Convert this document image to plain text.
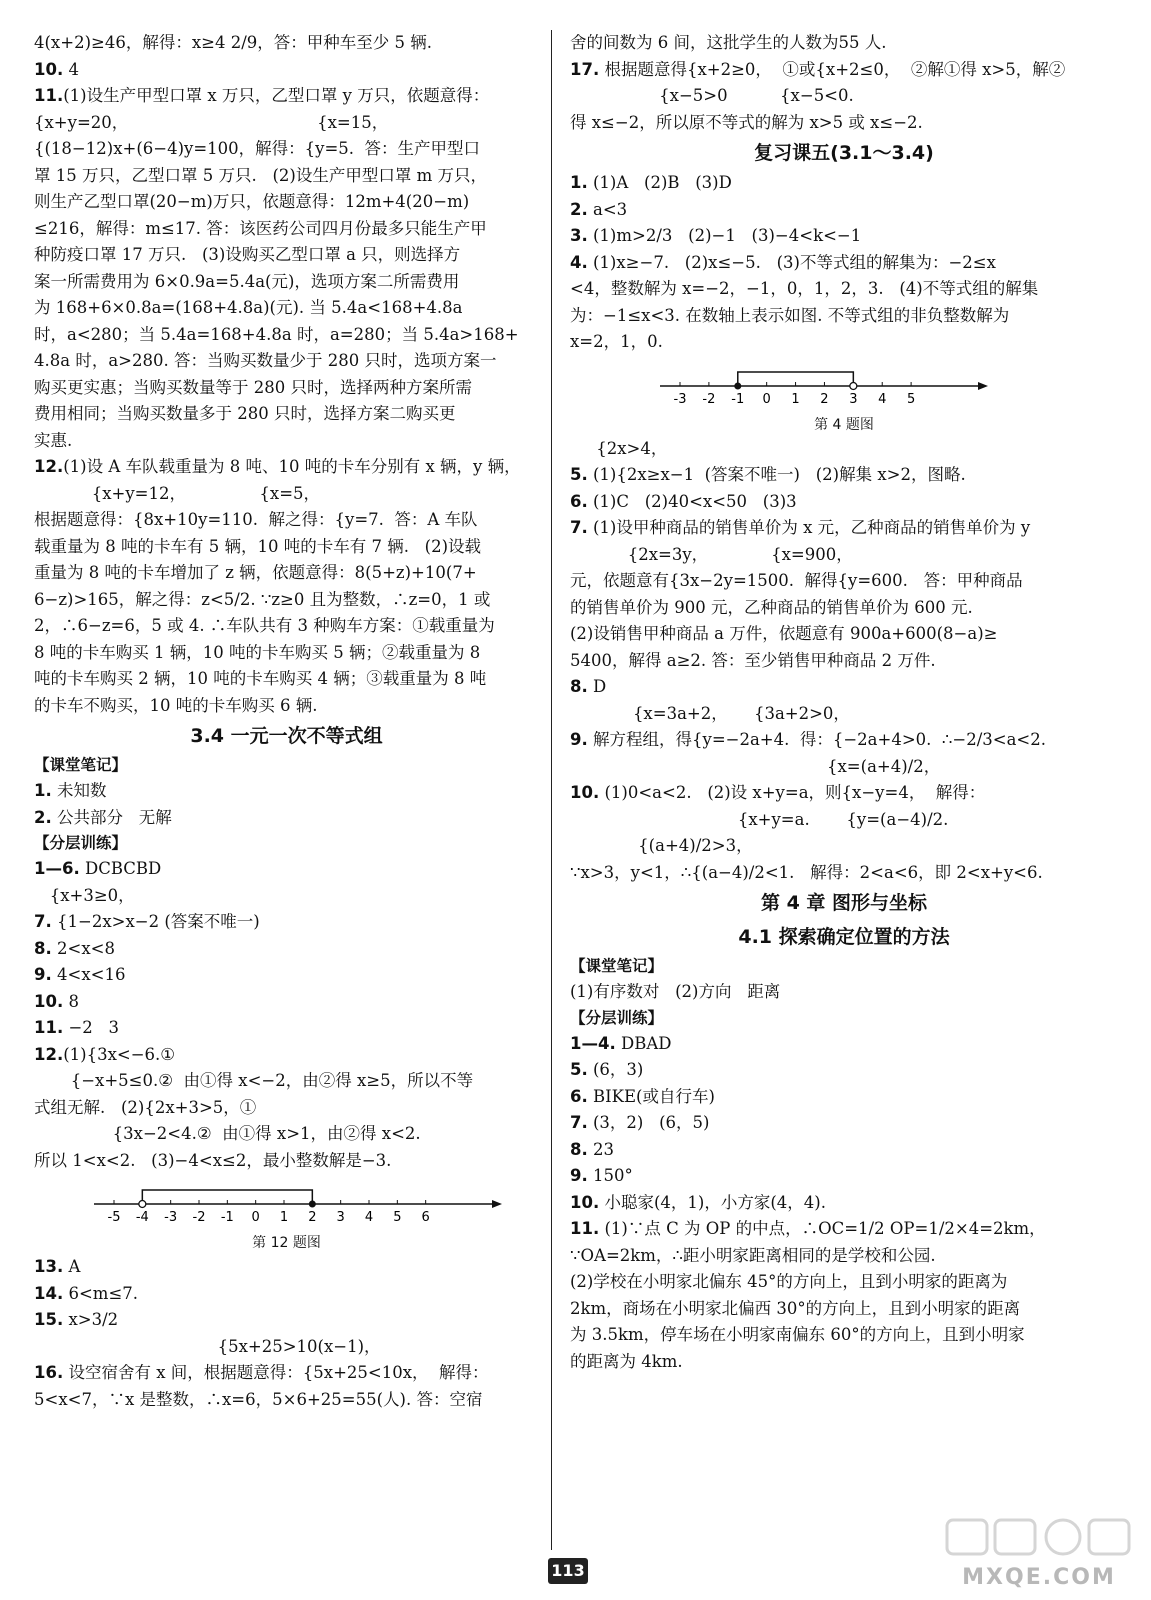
4(x+2)≥46，解得：x≥4 2/9，答：甲种车至少 5 辆.
10. 4
11.(1)设生产甲型口罩 x 万只，乙型口罩 y 万只，依题意得：
{x+y=20，                                    {x=15，
{(18−12)x+(6−4)y=100，解得：{y=5.  答：生产甲型口
罩 15 万只，乙型口罩 5 万只.   (2)设生产甲型口罩 m 万只，
则生产乙型口罩(20−m)万只，依题意得：12m+4(20−m)
≤216，解得：m≤17. 答：该医药公司四月份最多只能生产甲
种防疫口罩 17 万只.   (3)设购买乙型口罩 a 只，则选择方
案一所需费用为 6×0.9a=5.4a(元)，选项方案二所需费用
为 168+6×0.8a=(168+4.8a)(元). 当 5.4a<168+4.8a
时，a<280；当 5.4a=168+4.8a 时，a=280；当 5.4a>168+
4.8a 时，a>280. 答：当购买数量少于 280 只时，选项方案一
购买更实惠；当购买数量等于 280 只时，选择两种方案所需
费用相同；当购买数量多于 280 只时，选择方案二购买更
实惠.
12.(1)设 A 车队载重量为 8 吨、10 吨的卡车分别有 x 辆，y 辆，
{x+y=12，              {x=5，
根据题意得：{8x+10y=110.  解之得：{y=7.  答：A 车队
载重量为 8 吨的卡车有 5 辆，10 吨的卡车有 7 辆.   (2)设载
重量为 8 吨的卡车增加了 z 辆，依题意得：8(5+z)+10(7+
6−z)>165，解之得：z<5/2. ∵z≥0 且为整数，∴z=0，1 或
2，∴6−z=6，5 或 4. ∴车队共有 3 种购车方案：①载重量为
8 吨的卡车购买 1 辆，10 吨的卡车购买 5 辆；②载重量为 8
吨的卡车购买 2 辆，10 吨的卡车购买 4 辆；③载重量为 8 吨
的卡车不购买，10 吨的卡车购买 6 辆.
3.4 一元一次不等式组
【课堂笔记】
1. 未知数
2. 公共部分   无解
【分层训练】
1—6. DCBCBD
{x+3≥0，
7. {1−2x>x−2 (答案不唯一)
8. 2<x<8
9. 4<x<16
10. 8
11. −2   3
12.(1){3x<−6.①
{−x+5≤0.②  由①得 x<−2，由②得 x≥5，所以不等
式组无解.   (2){2x+3>5，①
{3x−2<4.②  由①得 x>1，由②得 x<2.
所以 1<x<2.   (3)−4<x≤2，最小整数解是−3.
-5 -4 -3 -2 -1 0 1 2 3 4 5 6
第 12 题图
13. A
14. 6<m≤7.
15. x>3/2
{5x+25>10(x−1)，
16. 设空宿舍有 x 间，根据题意得：{5x+25<10x，  解得：
5<x<7，∵x 是整数，∴x=6，5×6+25=55(人). 答：空宿
舍的间数为 6 间，这批学生的人数为55 人.
17. 根据题意得{x+2≥0，  ①或{x+2≤0，  ②解①得 x>5，解②
{x−5>0          {x−5<0.
得 x≤−2，所以原不等式的解为 x>5 或 x≤−2.
复习课五(3.1～3.4)
1. (1)A   (2)B   (3)D
2. a<3
3. (1)m>2/3   (2)−1   (3)−4<k<−1
4. (1)x≥−7.   (2)x≤−5.   (3)不等式组的解集为：−2≤x
<4，整数解为 x=−2，−1，0，1，2，3.   (4)不等式组的解集
为：−1≤x<3. 在数轴上表示如图. 不等式组的非负整数解为
x=2，1，0.
-3 -2 -1 0 1 2 3 4 5
第 4 题图
{2x>4，
5. (1){2x≥x−1  (答案不唯一)   (2)解集 x>2，图略.
6. (1)C   (2)40<x<50   (3)3
7. (1)设甲种商品的销售单价为 x 元，乙种商品的销售单价为 y
{2x=3y，            {x=900，
元，依题意有{3x−2y=1500.  解得{y=600.   答：甲种商品
的销售单价为 900 元，乙种商品的销售单价为 600 元.
(2)设销售甲种商品 a 万件，依题意有 900a+600(8−a)≥
5400，解得 a≥2. 答：至少销售甲种商品 2 万件.
8. D
{x=3a+2，     {3a+2>0，
9. 解方程组，得{y=−2a+4.  得：{−2a+4>0.  ∴−2/3<a<2.
{x=(a+4)/2，
10. (1)0<a<2.   (2)设 x+y=a，则{x−y=4，  解得：
{x+y=a.       {y=(a−4)/2.
{(a+4)/2>3，
∵x>3，y<1，∴{(a−4)/2<1.   解得：2<a<6，即 2<x+y<6.
第 4 章 图形与坐标
4.1 探索确定位置的方法
【课堂笔记】
(1)有序数对   (2)方向   距离
【分层训练】
1—4. DBAD
5. (6，3)
6. BIKE(或自行车)
7. (3，2)   (6，5)
8. 23
9. 150°
10. 小聪家(4，1)，小方家(4，4).
11. (1)∵点 C 为 OP 的中点，∴OC=1/2 OP=1/2×4=2km，
∵OA=2km，∴距小明家距离相同的是学校和公园.
(2)学校在小明家北偏东 45°的方向上，且到小明家的距离为
2km，商场在小明家北偏西 30°的方向上，且到小明家的距离
为 3.5km，停车场在小明家南偏东 60°的方向上，且到小明家
的距离为 4km.
113	MXQE.COM
